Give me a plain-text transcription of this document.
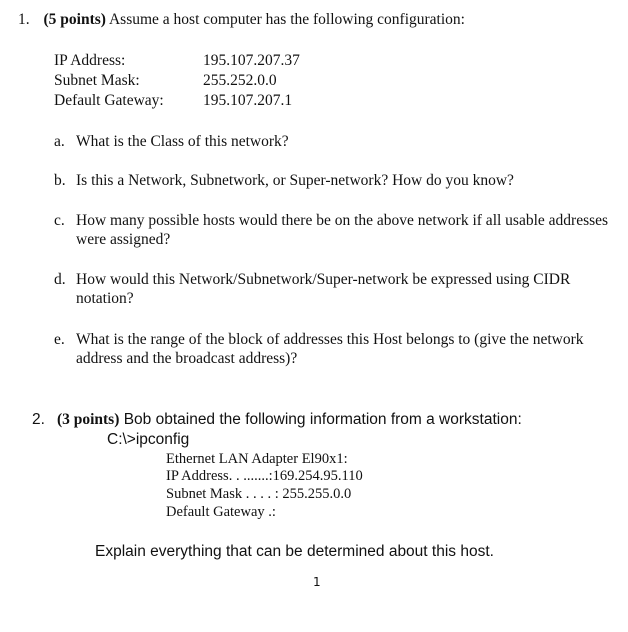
1. (5 points) Assume a host computer has the following configuration:
IP Address:	195.107.207.37
Subnet Mask:	255.252.0.0
Default Gateway:	195.107.207.1
a. What is the Class of this network?
b. Is this a Network, Subnetwork, or Super-network? How do you know?
c. How many possible hosts would there be on the above network if all usable addresses
were assigned?
d. How would this Network/Subnetwork/Super-network be expressed using CIDR
notation?
e. What is the range of the block of addresses this Host belongs to (give the network
address and the broadcast address)?
2. (3 points) Bob obtained the following information from a workstation:
C:\>ipconfig
Ethernet LAN Adapter El90x1:
IP Address. . .......:169.254.95.110
Subnet Mask . . . . : 255.255.0.0
Default Gateway .:
Explain everything that can be determined about this host.
1
